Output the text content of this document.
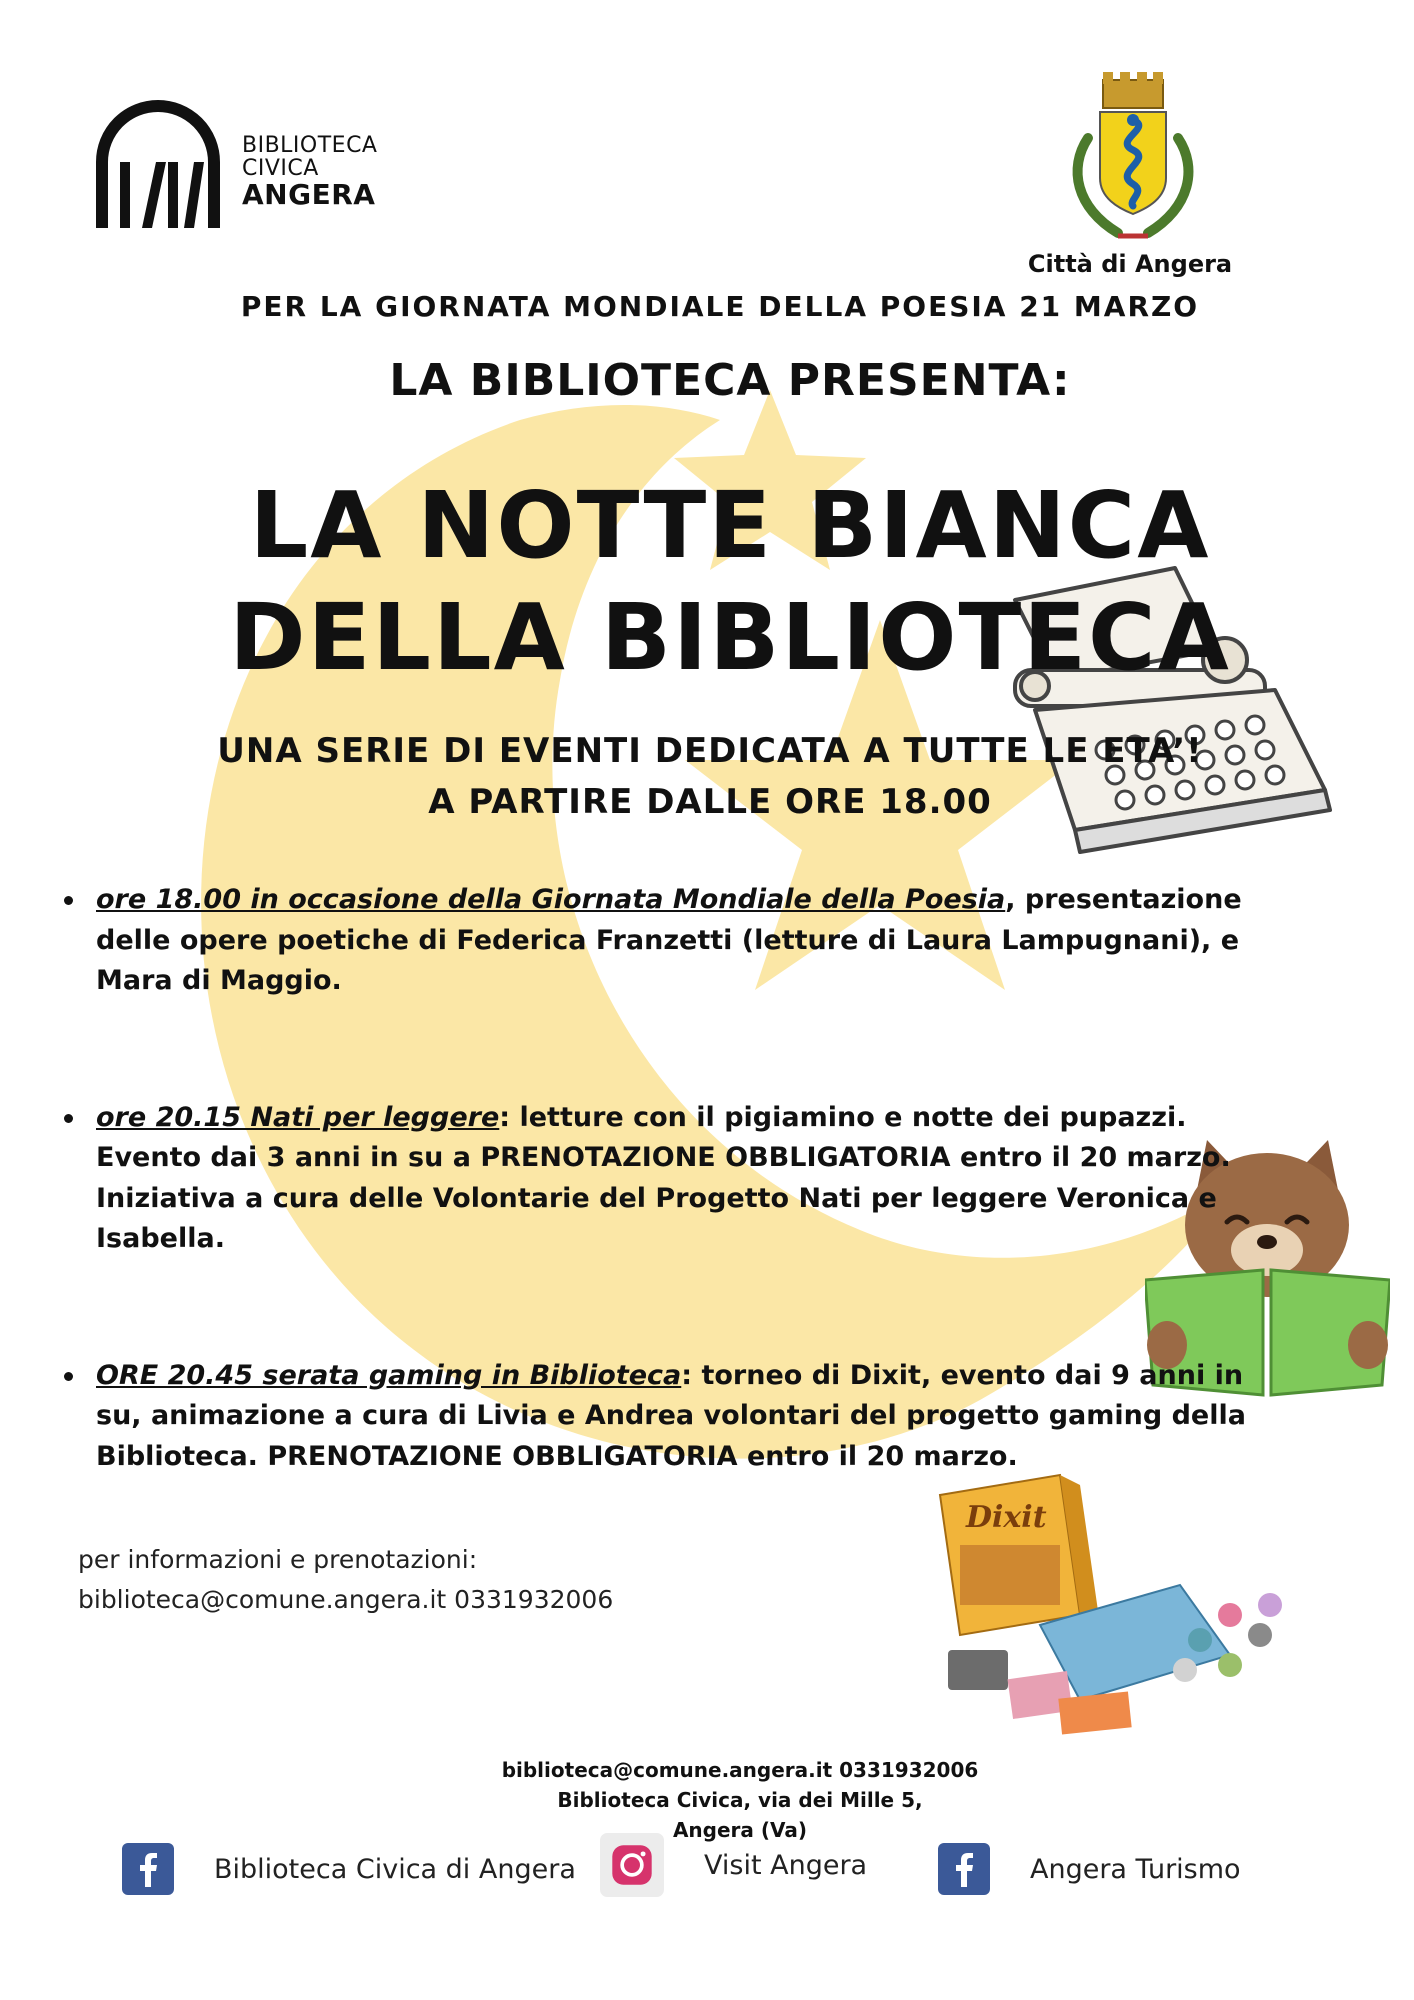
BIBLIOTECA
CIVICA
ANGERA
Città di Angera
PER LA GIORNATA MONDIALE DELLA POESIA 21 MARZO
LA BIBLIOTECA PRESENTA:
LA NOTTE BIANCA
DELLA BIBLIOTECA
UNA SERIE DI EVENTI DEDICATA A TUTTE LE ETA’!
A PARTIRE DALLE ORE 18.00
ore 18.00 in occasione della Giornata Mondiale della Poesia, presentazione delle opere poetiche di Federica Franzetti (letture di Laura Lampugnani), e Mara di Maggio.
ore 20.15 Nati per leggere: letture con il pigiamino e notte dei pupazzi. Evento dai 3 anni in su a PRENOTAZIONE OBBLIGATORIA entro il 20 marzo. Iniziativa a cura delle Volontarie del Progetto Nati per leggere Veronica e Isabella.
ORE 20.45 serata gaming in Biblioteca: torneo di Dixit, evento dai 9 anni in su, animazione a cura di Livia e Andrea volontari del progetto gaming della Biblioteca. PRENOTAZIONE OBBLIGATORIA entro il 20 marzo.
per informazioni e prenotazioni:
biblioteca@comune.angera.it 0331932006
Dixit
biblioteca@comune.angera.it 0331932006
Biblioteca Civica, via dei Mille 5,
Angera (Va)
Biblioteca Civica di Angera	Visit Angera	Angera Turismo
